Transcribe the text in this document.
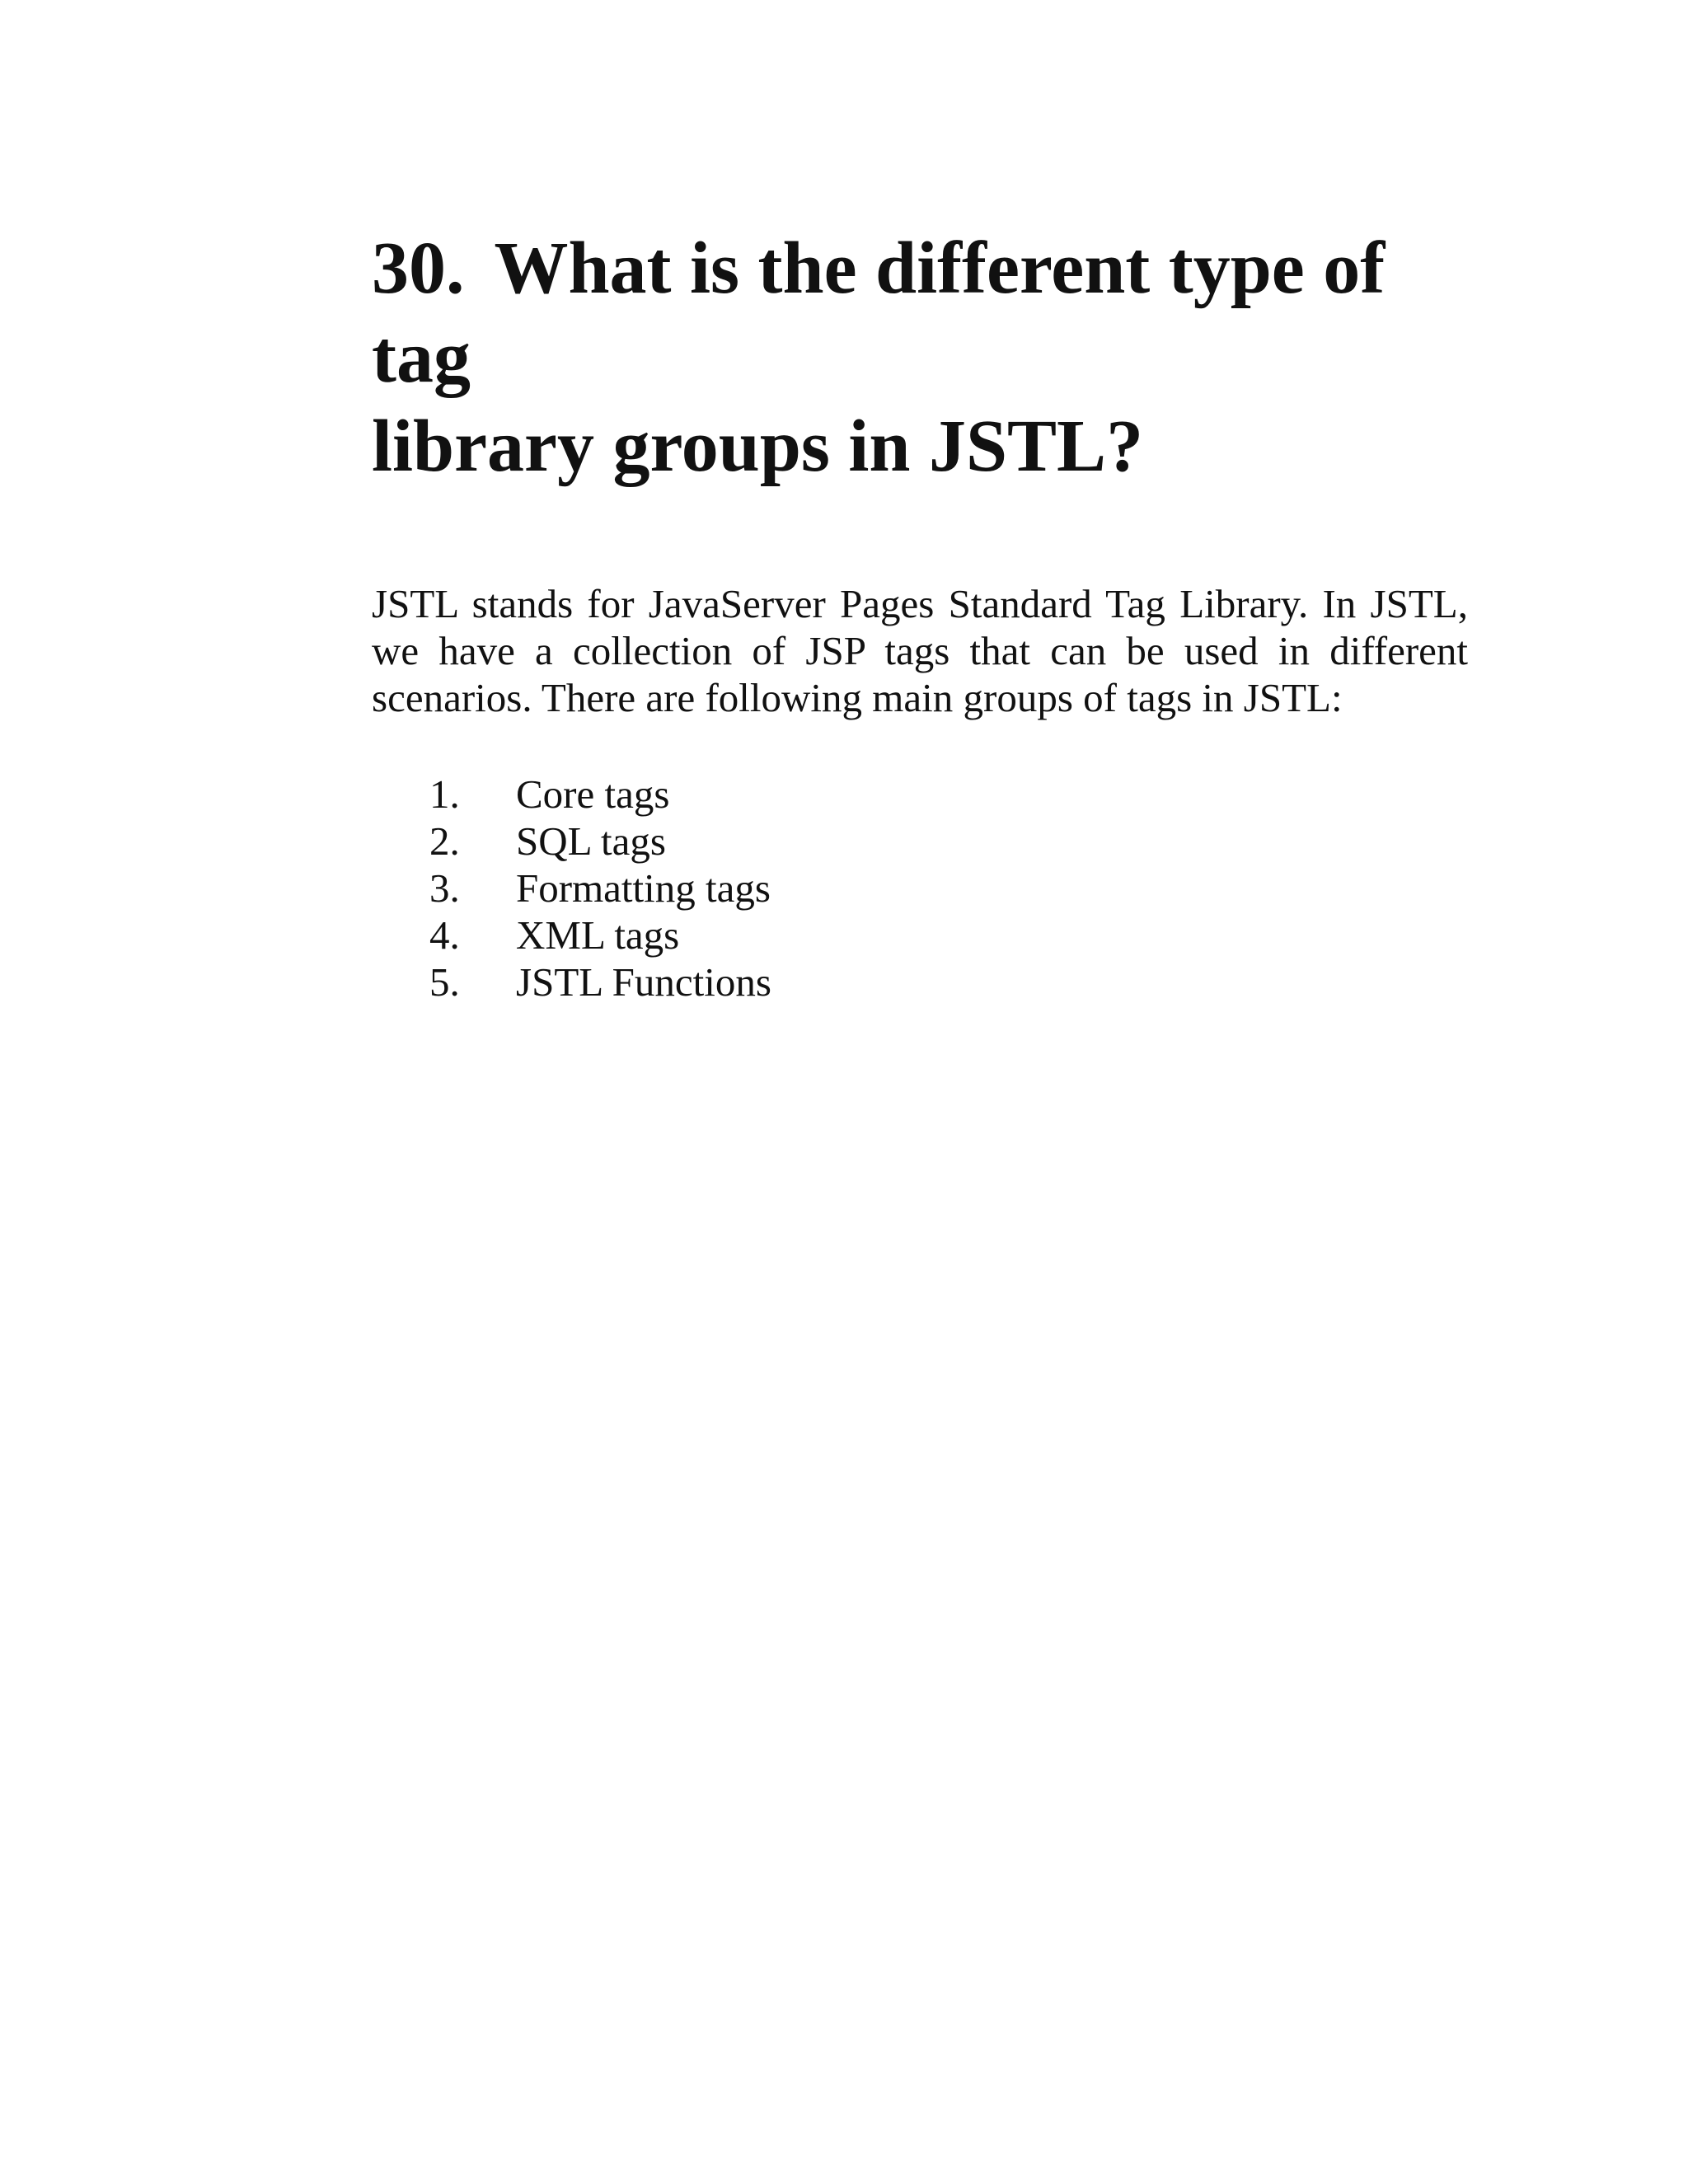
30. What is the different type of tag
library groups in JSTL?

JSTL stands for JavaServer Pages Standard Tag Library. In JSTL, we have a collection of JSP tags that can be used in different scenarios. There are following main groups of tags in JSTL:

1.	Core tags
2.	SQL tags
3.	Formatting tags
4.	XML tags
5.	JSTL Functions
